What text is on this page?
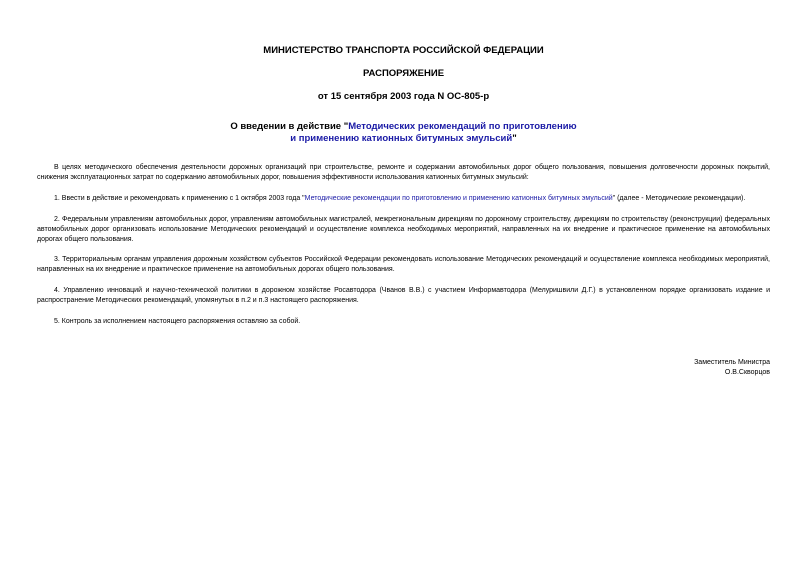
МИНИСТЕРСТВО ТРАНСПОРТА РОССИЙСКОЙ ФЕДЕРАЦИИ
РАСПОРЯЖЕНИЕ
от 15 сентября 2003 года N ОС-805-р
О введении в действие "Методических рекомендаций по приготовлению
и применению катионных битумных эмульсий"
В целях методического обеспечения деятельности дорожных организаций при строительстве, ремонте и содержании автомобильных дорог общего пользования, повышения долговечности дорожных покрытий, снижения эксплуатационных затрат по содержанию автомобильных дорог, повышения эффективности использования катионных битумных эмульсий:
1. Ввести в действие и рекомендовать к применению с 1 октября 2003 года "Методические рекомендации по приготовлению и применению катионных битумных эмульсий" (далее - Методические рекомендации).
2. Федеральным управлениям автомобильных дорог, управлениям автомобильных магистралей, межрегиональным дирекциям по дорожному строительству, дирекциям по строительству (реконструкции) федеральных автомобильных дорог организовать использование Методических рекомендаций и осуществление комплекса необходимых мероприятий, направленных на их внедрение и практическое применение на автомобильных дорогах общего пользования.
3. Территориальным органам управления дорожным хозяйством субъектов Российской Федерации рекомендовать использование Методических рекомендаций и осуществление комплекса необходимых мероприятий, направленных на их внедрение и практическое применение на автомобильных дорогах общего пользования.
4. Управлению инноваций и научно-технической политики в дорожном хозяйстве Росавтодора (Чванов В.В.) с участием Информавтодора (Мелуришвили Д.Г.) в установленном порядке организовать издание и распространение Методических рекомендаций, упомянутых в п.2 и п.3 настоящего распоряжения.
5. Контроль за исполнением настоящего распоряжения оставляю за собой.
Заместитель Министра
О.В.Скворцов
